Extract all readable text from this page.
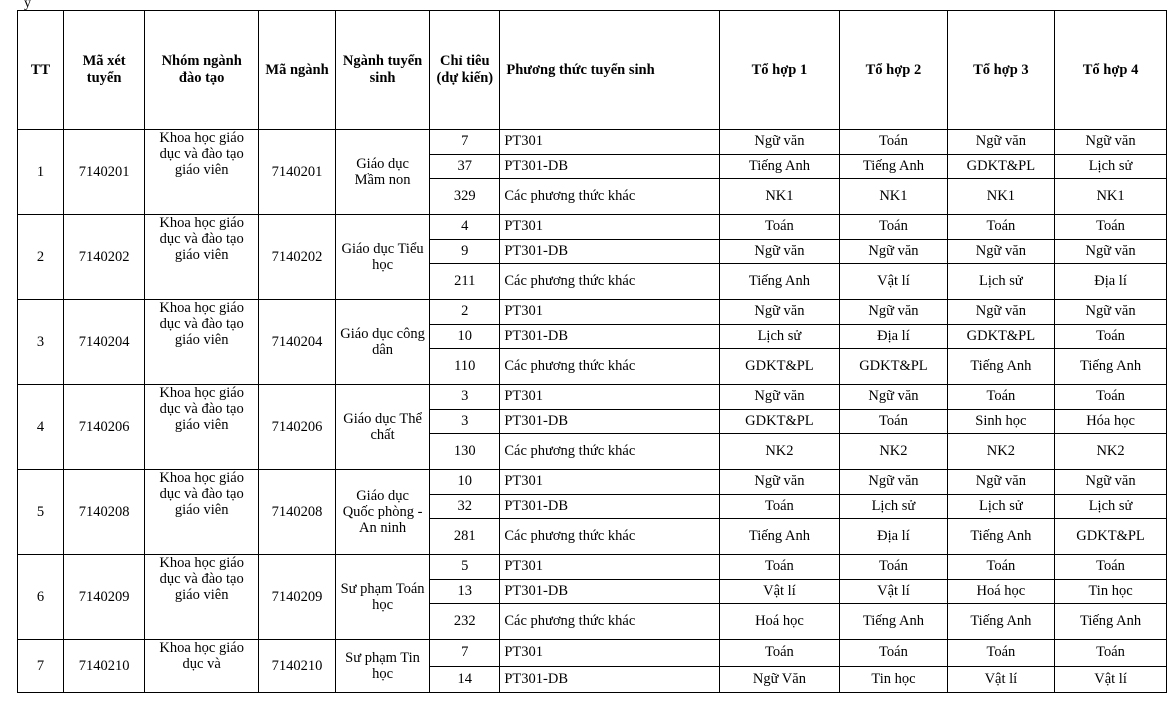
y
TT	Mã xét tuyển	Nhóm ngành đào tạo	Mã ngành	Ngành tuyển sinh	Chỉ tiêu (dự kiến)	Phương thức tuyển sinh	Tổ hợp 1	Tổ hợp 2	Tổ hợp 3	Tổ hợp 4
1	7140201	Khoa học giáo dục và đào tạo giáo viên	7140201	Giáo dục Mầm non	7	PT301	Ngữ văn	Toán	Ngữ văn	Ngữ văn
					37	PT301-DB	Tiếng Anh	Tiếng Anh	GDKT&PL	Lịch sử
					329	Các phương thức khác	NK1	NK1	NK1	NK1
2	7140202	Khoa học giáo dục và đào tạo giáo viên	7140202	Giáo dục Tiểu học	4	PT301	Toán	Toán	Toán	Toán
					9	PT301-DB	Ngữ văn	Ngữ văn	Ngữ văn	Ngữ văn
					211	Các phương thức khác	Tiếng Anh	Vật lí	Lịch sử	Địa lí
3	7140204	Khoa học giáo dục và đào tạo giáo viên	7140204	Giáo dục công dân	2	PT301	Ngữ văn	Ngữ văn	Ngữ văn	Ngữ văn
					10	PT301-DB	Lịch sử	Địa lí	GDKT&PL	Toán
					110	Các phương thức khác	GDKT&PL	GDKT&PL	Tiếng Anh	Tiếng Anh
4	7140206	Khoa học giáo dục và đào tạo giáo viên	7140206	Giáo dục Thể chất	3	PT301	Ngữ văn	Ngữ văn	Toán	Toán
					3	PT301-DB	GDKT&PL	Toán	Sinh học	Hóa học
					130	Các phương thức khác	NK2	NK2	NK2	NK2
5	7140208	Khoa học giáo dục và đào tạo giáo viên	7140208	Giáo dục Quốc phòng - An ninh	10	PT301	Ngữ văn	Ngữ văn	Ngữ văn	Ngữ văn
					32	PT301-DB	Toán	Lịch sử	Lịch sử	Lịch sử
					281	Các phương thức khác	Tiếng Anh	Địa lí	Tiếng Anh	GDKT&PL
6	7140209	Khoa học giáo dục và đào tạo giáo viên	7140209	Sư phạm Toán học	5	PT301	Toán	Toán	Toán	Toán
					13	PT301-DB	Vật lí	Vật lí	Hoá học	Tin học
					232	Các phương thức khác	Hoá học	Tiếng Anh	Tiếng Anh	Tiếng Anh
7	7140210	Khoa học giáo dục và	7140210	Sư phạm Tin học	7	PT301	Toán	Toán	Toán	Toán
					14	PT301-DB	Ngữ Văn	Tin học	Vật lí	Vật lí
